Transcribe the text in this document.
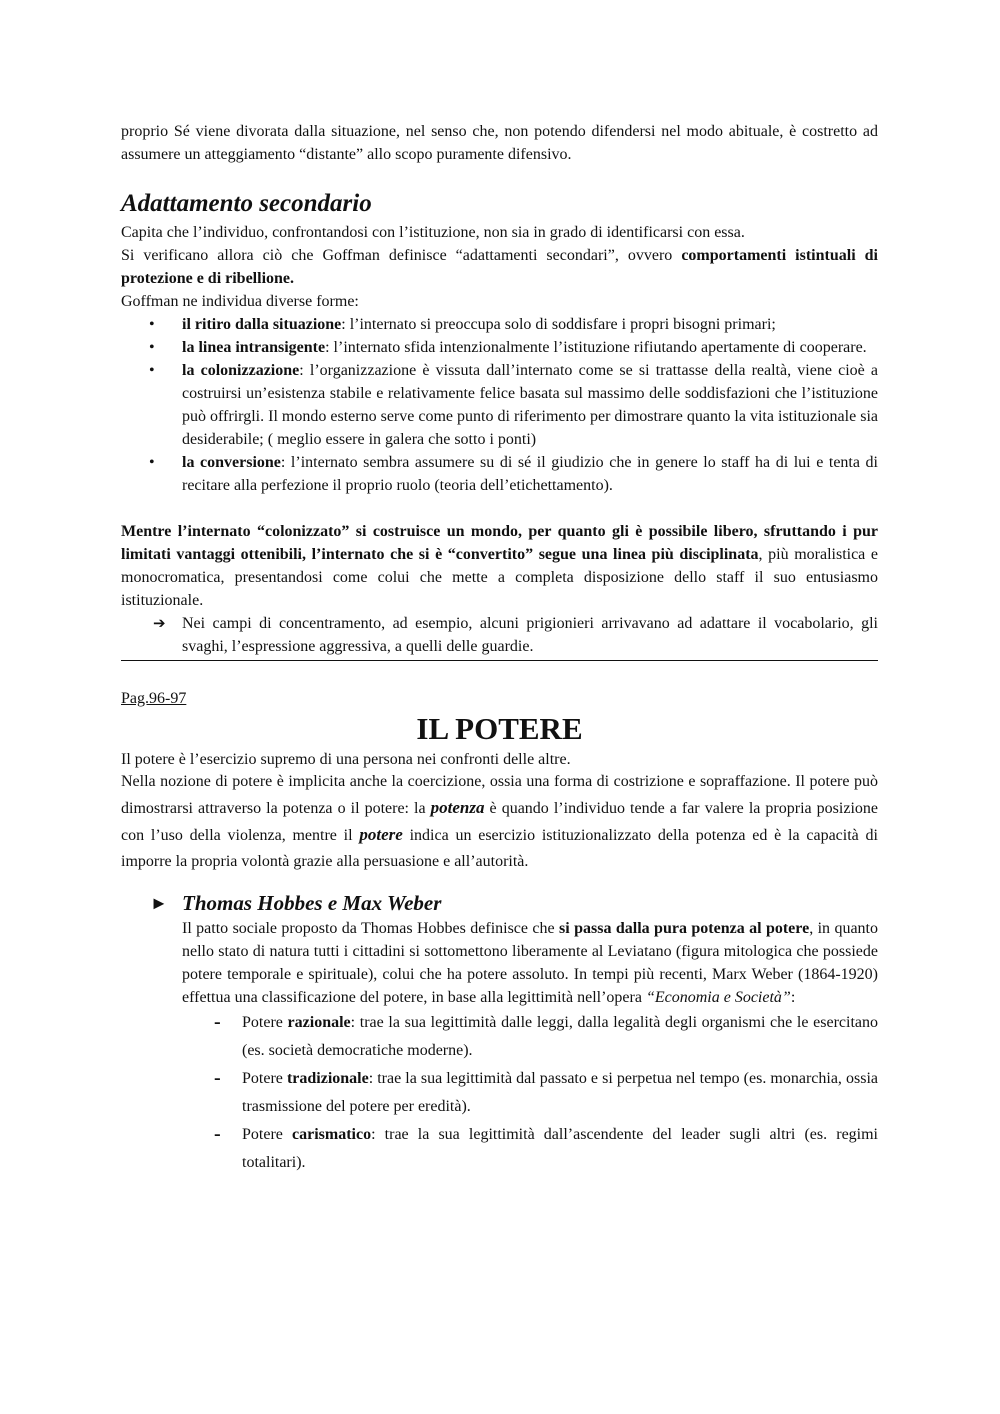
proprio Sé viene divorata dalla situazione, nel senso che, non potendo difendersi nel modo abituale, è costretto ad assumere un atteggiamento “distante” allo scopo puramente difensivo.

Adattamento secondario

Capita che l’individuo, confrontandosi con l’istituzione, non sia in grado di identificarsi con essa.

Si verificano allora ciò che Goffman definisce “adattamenti secondari”, ovvero comportamenti istintuali di protezione e di ribellione.

Goffman ne individua diverse forme:

• il ritiro dalla situazione: l’internato si preoccupa solo di soddisfare i propri bisogni primari;
• la linea intransigente: l’internato sfida intenzionalmente l’istituzione rifiutando apertamente di cooperare.
• la colonizzazione: l’organizzazione è vissuta dall’internato come se si trattasse della realtà, viene cioè a costruirsi un’esistenza stabile e relativamente felice basata sul massimo delle soddisfazioni che l’istituzione può offrirgli. Il mondo esterno serve come punto di riferimento per dimostrare quanto la vita istituzionale sia desiderabile; ( meglio essere in galera che sotto i ponti)
• la conversione: l’internato sembra assumere su di sé il giudizio che in genere lo staff ha di lui e tenta di recitare alla perfezione il proprio ruolo (teoria dell’etichettamento).

Mentre l’internato “colonizzato” si costruisce un mondo, per quanto gli è possibile libero, sfruttando i pur limitati vantaggi ottenibili, l’internato che si è “convertito” segue una linea più disciplinata, più moralistica e monocromatica, presentandosi come colui che mette a completa disposizione dello staff il suo entusiasmo istituzionale.

➔ Nei campi di concentramento, ad esempio, alcuni prigionieri arrivavano ad adattare il vocabolario, gli svaghi, l’espressione aggressiva, a quelli delle guardie.
Pag.96-97
IL POTERE

Il potere è l’esercizio supremo di una persona nei confronti delle altre.

Nella nozione di potere è implicita anche la coercizione, ossia una forma di costrizione e sopraffazione. Il potere può dimostrarsi attraverso la potenza o il potere: la potenza è quando l’individuo tende a far valere la propria posizione con l’uso della violenza, mentre il potere indica un esercizio istituzionalizzato della potenza ed è la capacità di imporre la propria volontà grazie alla persuasione e all’autorità.

► Thomas Hobbes e Max Weber

Il patto sociale proposto da Thomas Hobbes definisce che si passa dalla pura potenza al potere, in quanto nello stato di natura tutti i cittadini si sottomettono liberamente al Leviatano (figura mitologica che possiede potere temporale e spirituale), colui che ha potere assoluto. In tempi più recenti, Marx Weber (1864-1920) effettua una classificazione del potere, in base alla legittimità nell’opera “Economia e Società”:

- Potere razionale: trae la sua legittimità dalle leggi, dalla legalità degli organismi che le esercitano (es. società democratiche moderne).
- Potere tradizionale: trae la sua legittimità dal passato e si perpetua nel tempo (es. monarchia, ossia trasmissione del potere per eredità).
- Potere carismatico: trae la sua legittimità dall’ascendente del leader sugli altri (es. regimi totalitari).
